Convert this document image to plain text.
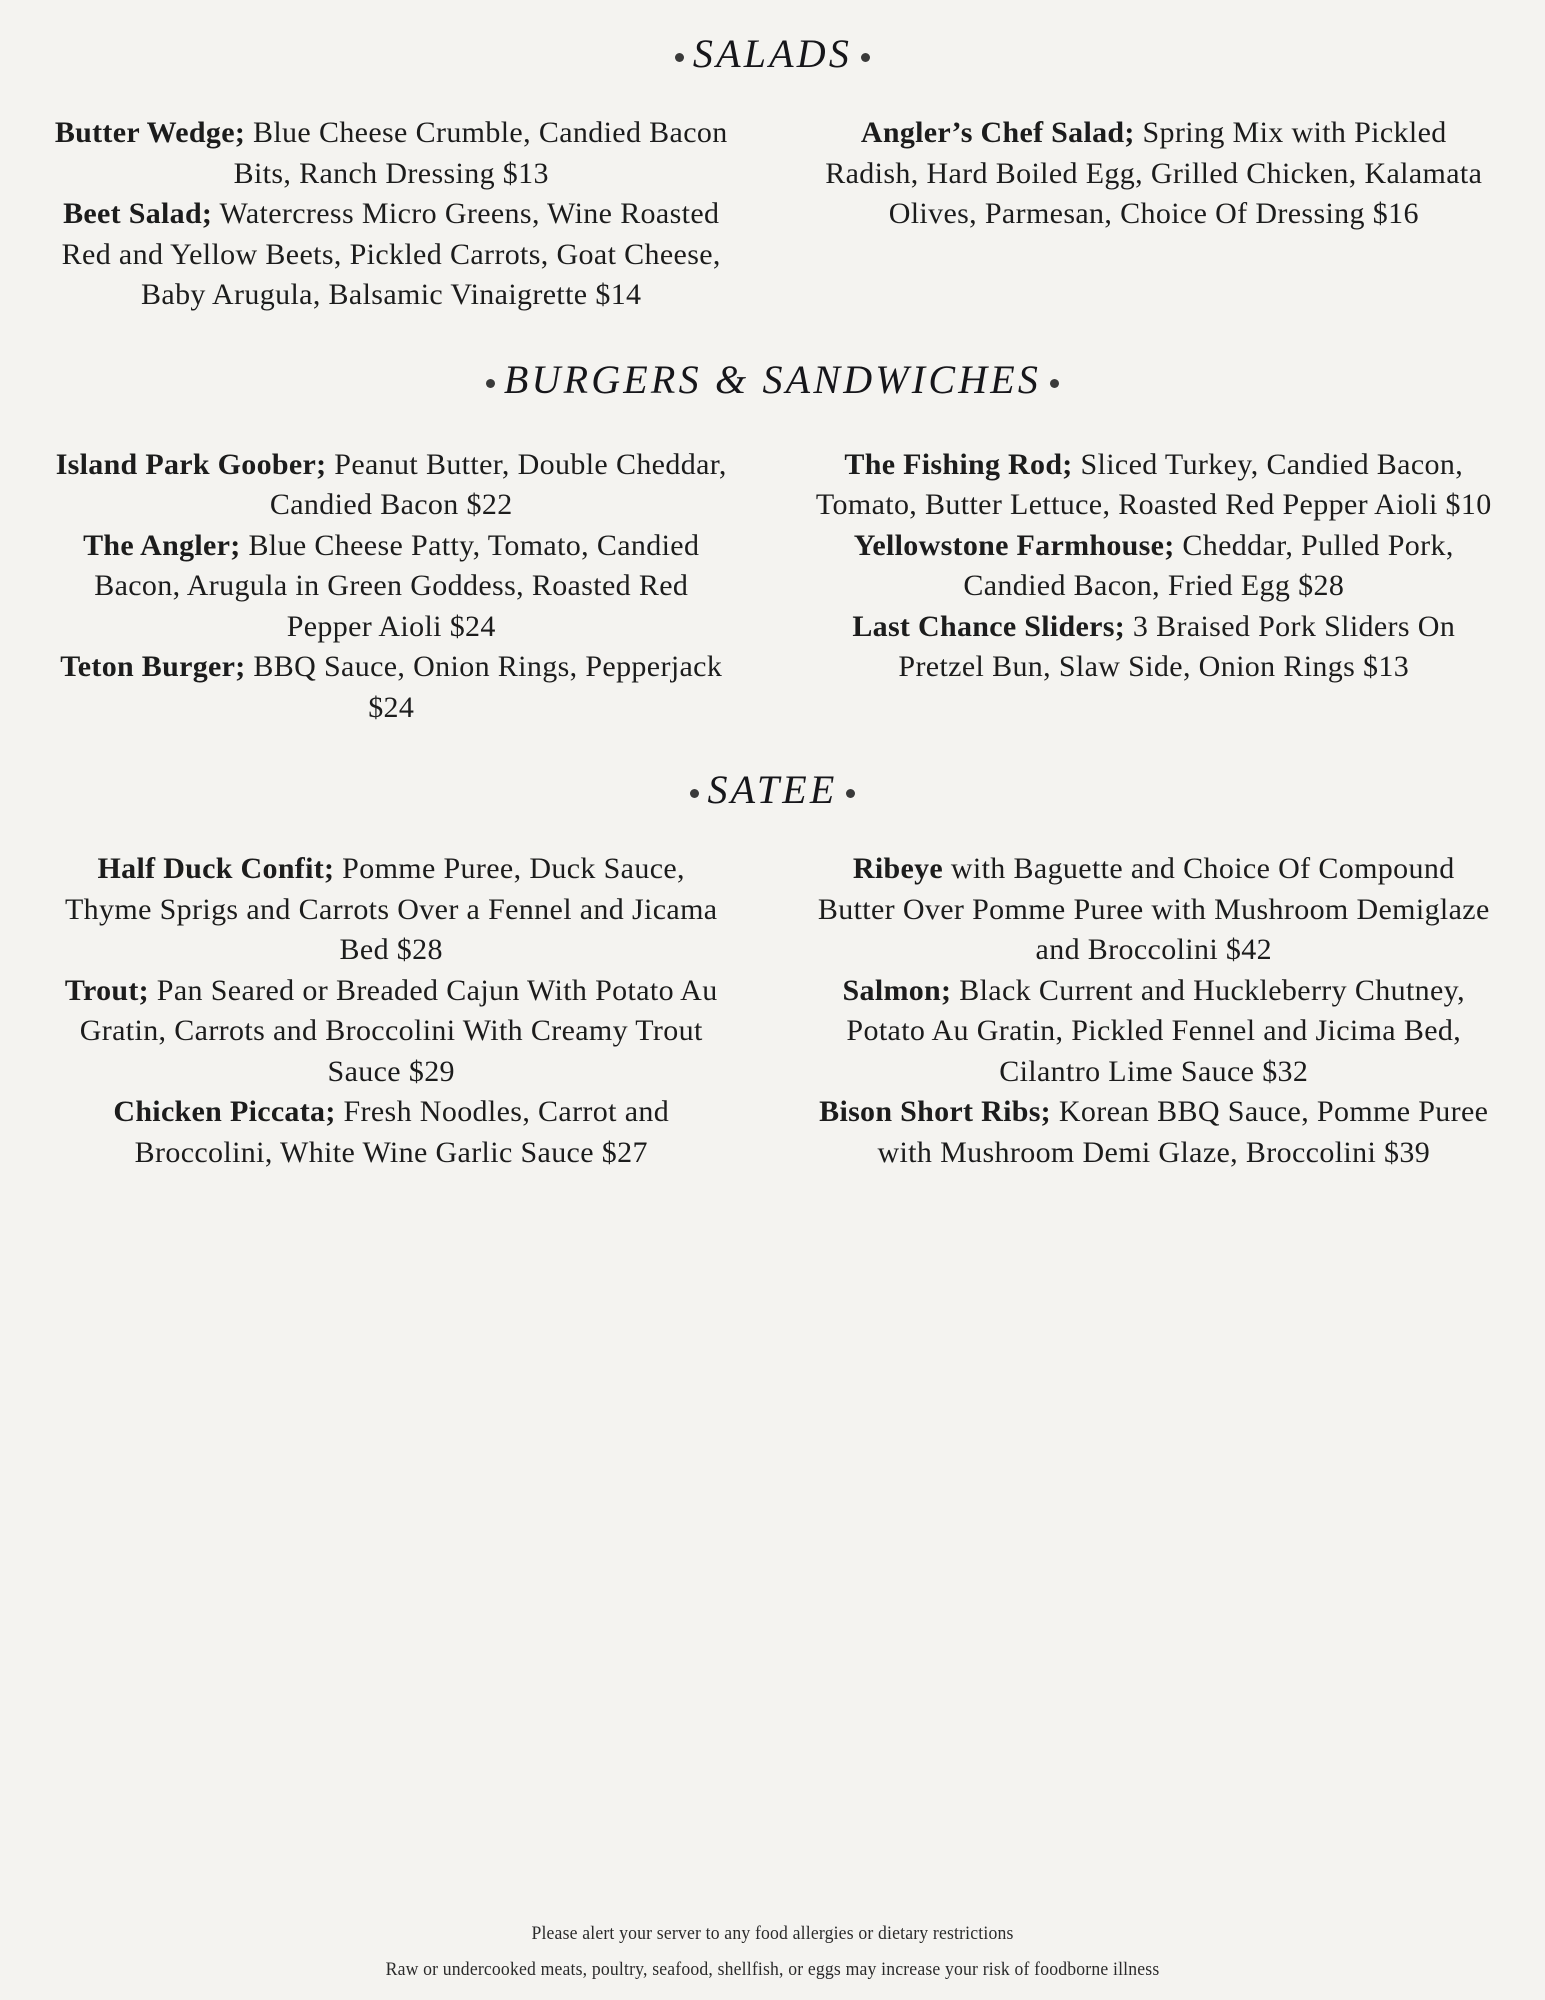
SALADS
Butter Wedge; Blue Cheese Crumble, Candied Bacon Bits, Ranch Dressing $13
Beet Salad; Watercress Micro Greens, Wine Roasted Red and Yellow Beets, Pickled Carrots, Goat Cheese, Baby Arugula, Balsamic Vinaigrette $14
Angler’s Chef Salad; Spring Mix with Pickled Radish, Hard Boiled Egg, Grilled Chicken, Kalamata Olives, Parmesan, Choice Of Dressing $16
BURGERS & SANDWICHES
Island Park Goober; Peanut Butter, Double Cheddar, Candied Bacon $22
The Angler; Blue Cheese Patty, Tomato, Candied Bacon, Arugula in Green Goddess, Roasted Red Pepper Aioli $24
Teton Burger; BBQ Sauce, Onion Rings, Pepperjack $24
The Fishing Rod; Sliced Turkey, Candied Bacon, Tomato, Butter Lettuce, Roasted Red Pepper Aioli $10
Yellowstone Farmhouse; Cheddar, Pulled Pork, Candied Bacon, Fried Egg $28
Last Chance Sliders; 3 Braised Pork Sliders On Pretzel Bun, Slaw Side, Onion Rings $13
SATEE
Half Duck Confit; Pomme Puree, Duck Sauce, Thyme Sprigs and Carrots Over a Fennel and Jicama Bed $28
Trout; Pan Seared or Breaded Cajun With Potato Au Gratin, Carrots and Broccolini With Creamy Trout Sauce $29
Chicken Piccata; Fresh Noodles, Carrot and Broccolini, White Wine Garlic Sauce $27
Ribeye with Baguette and Choice Of Compound Butter Over Pomme Puree with Mushroom Demiglaze and Broccolini $42
Salmon; Black Current and Huckleberry Chutney, Potato Au Gratin, Pickled Fennel and Jicima Bed, Cilantro Lime Sauce $32
Bison Short Ribs; Korean BBQ Sauce, Pomme Puree with Mushroom Demi Glaze, Broccolini $39
Please alert your server to any food allergies or dietary restrictions
Raw or undercooked meats, poultry, seafood, shellfish, or eggs may increase your risk of foodborne illness
